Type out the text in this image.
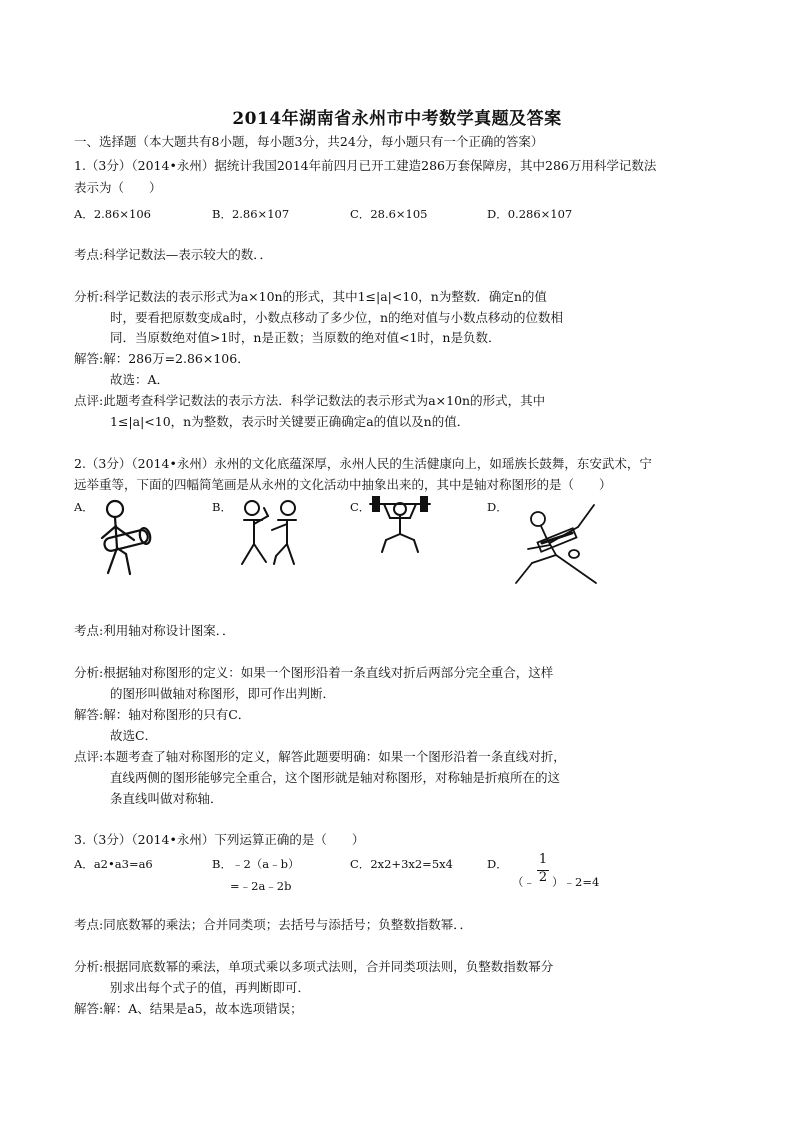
2014年湖南省永州市中考数学真题及答案
一、选择题（本大题共有8小题，每小题3分，共24分，每小题只有一个正确的答案）
1.（3分）（2014•永州）据统计我国2014年前四月已开工建造286万套保障房，其中286万用科学记数法
表示为（　　）
A．2.86×106	B．2.86×107	C．28.6×105	D．0.286×107
考点:科学记数法—表示较大的数．．
分析:科学记数法的表示形式为a×10n的形式，其中1≤|a|<10，n为整数．确定n的值
时，要看把原数变成a时，小数点移动了多少位，n的绝对值与小数点移动的位数相
同．当原数绝对值>1时，n是正数；当原数的绝对值<1时，n是负数．
解答:解：286万=2.86×106．
故选：A．
点评:此题考查科学记数法的表示方法．科学记数法的表示形式为a×10n的形式，其中
1≤|a|<10，n为整数，表示时关键要正确确定a的值以及n的值．
2.（3分）（2014•永州）永州的文化底蕴深厚，永州人民的生活健康向上，如瑶族长鼓舞，东安武术，宁
远举重等，下面的四幅简笔画是从永州的文化活动中抽象出来的，其中是轴对称图形的是（　　）
A．	B．	C．	D．
考点:利用轴对称设计图案．．
分析:根据轴对称图形的定义：如果一个图形沿着一条直线对折后两部分完全重合，这样
的图形叫做轴对称图形，即可作出判断．
解答:解：轴对称图形的只有C．
故选C．
点评:本题考查了轴对称图形的定义，解答此题要明确：如果一个图形沿着一条直线对折，
直线两侧的图形能够完全重合，这个图形就是轴对称图形，对称轴是折痕所在的这
条直线叫做对称轴．
3.（3分）（2014•永州）下列运算正确的是（　　）
A．a2•a3=a6	B．﹣2（a﹣b）
=﹣2a﹣2b
C．2x2+3x2=5x4	D．
（﹣
1
2 ）﹣2=4
考点:同底数幂的乘法；合并同类项；去括号与添括号；负整数指数幂．．
分析:根据同底数幂的乘法，单项式乘以多项式法则，合并同类项法则，负整数指数幂分
别求出每个式子的值，再判断即可．
解答:解：A、结果是a5，故本选项错误；
